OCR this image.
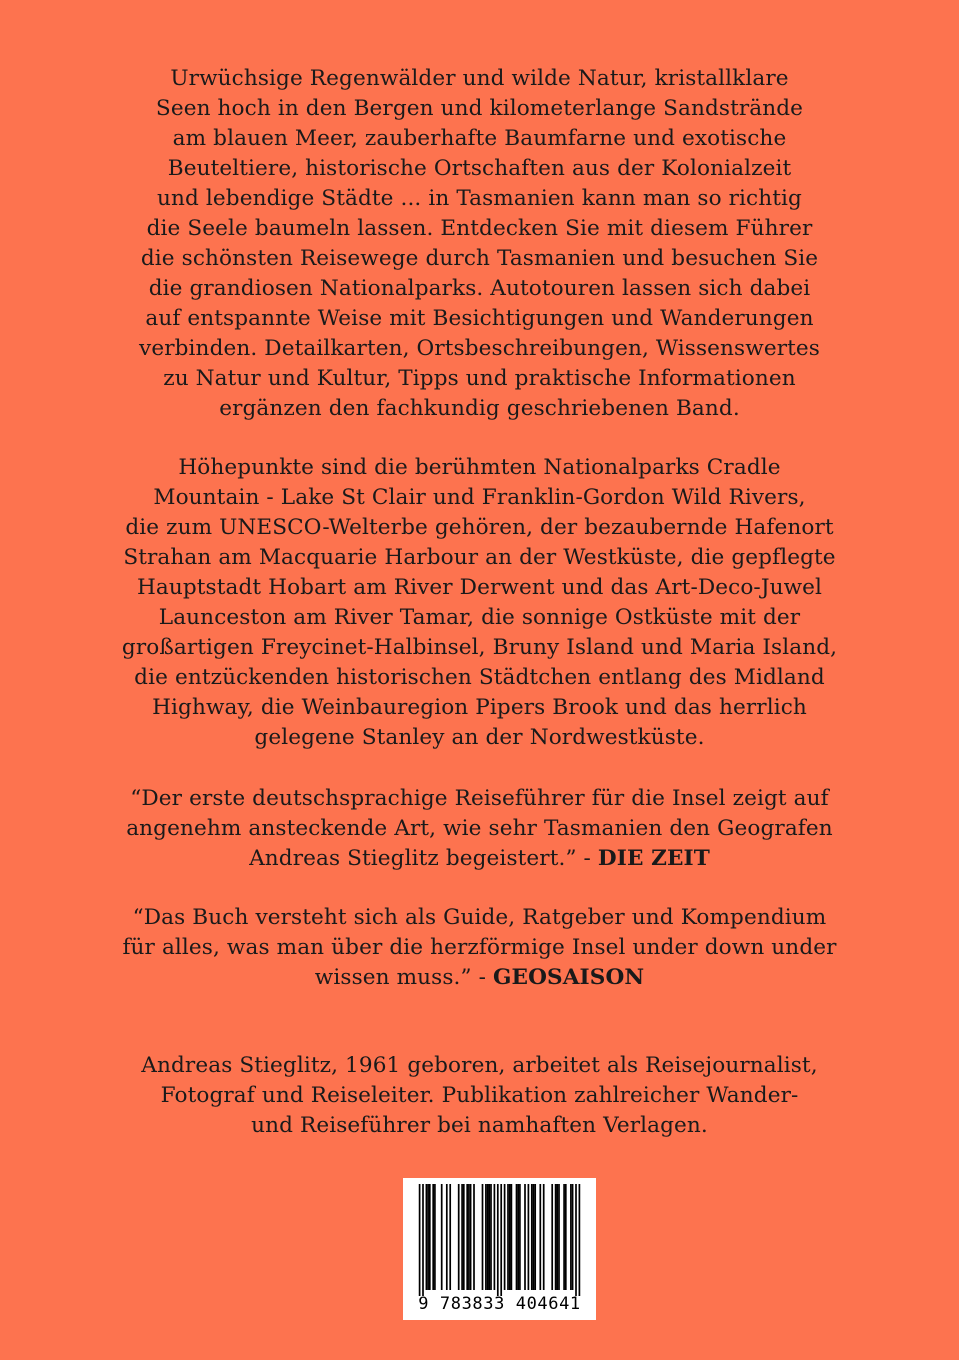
Urwüchsige Regenwälder und wilde Natur, kristallklare
Seen hoch in den Bergen und kilometerlange Sandstrände
am blauen Meer, zauberhafte Baumfarne und exotische
Beuteltiere, historische Ortschaften aus der Kolonialzeit
und lebendige Städte ... in Tasmanien kann man so richtig
die Seele baumeln lassen. Entdecken Sie mit diesem Führer
die schönsten Reisewege durch Tasmanien und besuchen Sie
die grandiosen Nationalparks. Autotouren lassen sich dabei
auf entspannte Weise mit Besichtigungen und Wanderungen
verbinden. Detailkarten, Ortsbeschreibungen, Wissenswertes
zu Natur und Kultur, Tipps und praktische Informationen
ergänzen den fachkundig geschriebenen Band.
Höhepunkte sind die berühmten Nationalparks Cradle
Mountain - Lake St Clair und Franklin-Gordon Wild Rivers,
die zum UNESCO-Welterbe gehören, der bezaubernde Hafenort
Strahan am Macquarie Harbour an der Westküste, die gepflegte
Hauptstadt Hobart am River Derwent und das Art-Deco-Juwel
Launceston am River Tamar, die sonnige Ostküste mit der
großartigen Freycinet-Halbinsel, Bruny Island und Maria Island,
die entzückenden historischen Städtchen entlang des Midland
Highway, die Weinbauregion Pipers Brook und das herrlich
gelegene Stanley an der Nordwestküste.
“Der erste deutschsprachige Reiseführer für die Insel zeigt auf
angenehm ansteckende Art, wie sehr Tasmanien den Geografen
Andreas Stieglitz begeistert.” - DIE ZEIT
“Das Buch versteht sich als Guide, Ratgeber und Kompendium
für alles, was man über die herzförmige Insel under down under
wissen muss.” - GEOSAISON
Andreas Stieglitz, 1961 geboren, arbeitet als Reisejournalist,
Fotograf und Reiseleiter. Publikation zahlreicher Wander-
und Reiseführer bei namhaften Verlagen.
9 783833 404641
